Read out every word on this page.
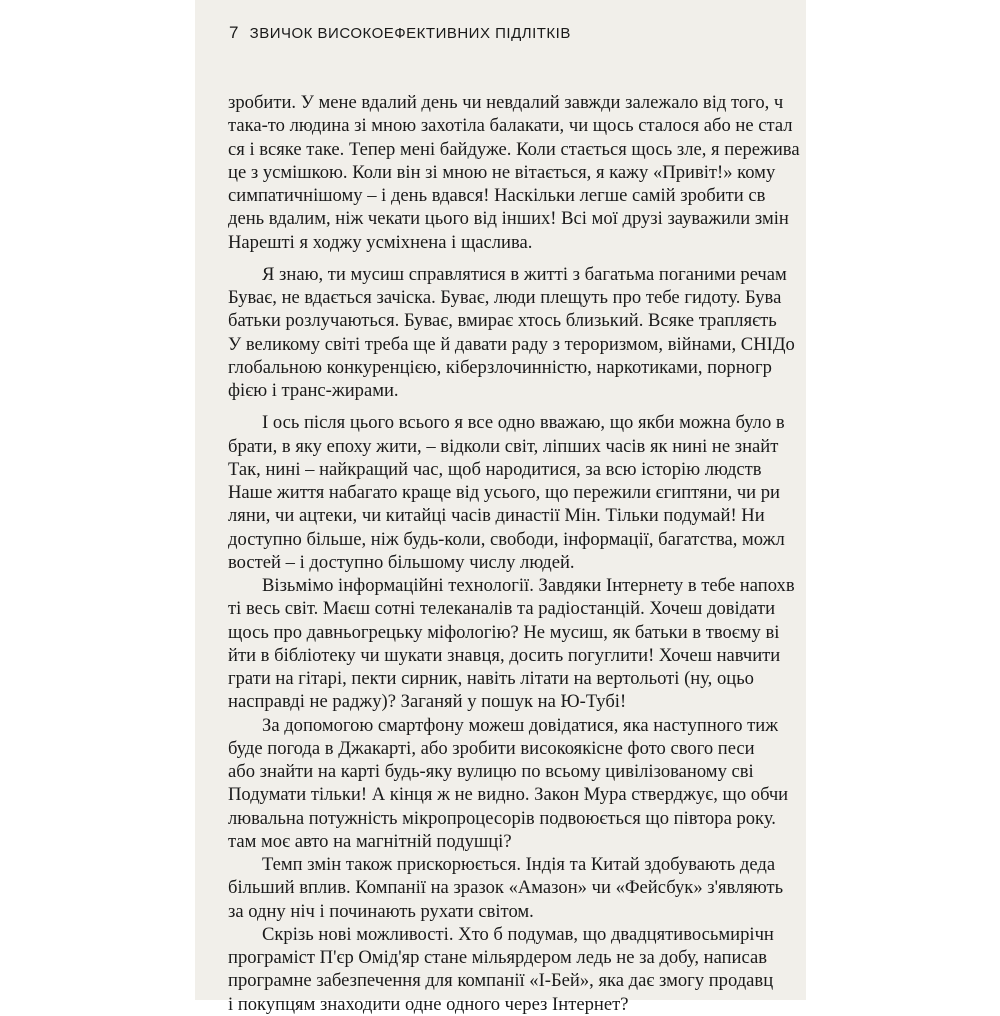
7 ЗВИЧОК ВИСОКОЕФЕКТИВНИХ ПІДЛІТКІВ
зробити. У мене вдалий день чи невдалий завжди залежало від того, ч
така-то людина зі мною захотіла балакати, чи щось сталося або не стал
ся і всяке таке. Тепер мені байдуже. Коли стається щось зле, я пережива
це з усмішкою. Коли він зі мною не вітається, я кажу «Привіт!» кому
симпатичнішому – і день вдався! Наскільки легше самій зробити св
день вдалим, ніж чекати цього від інших! Всі мої друзі зауважили змін
Нарешті я ходжу усміхнена і щаслива.
Я знаю, ти мусиш справлятися в житті з багатьма поганими речам
Буває, не вдається зачіска. Буває, люди плещуть про тебе гидоту. Бува
батьки розлучаються. Буває, вмирає хтось близький. Всяке трапляєть
У великому світі треба ще й давати раду з тероризмом, війнами, СНІДо
глобальною конкуренцією, кіберзлочинністю, наркотиками, порногр
фією і транс-жирами.
І ось після цього всього я все одно вважаю, що якби можна було в
брати, в яку епоху жити, – відколи світ, ліпших часів як нині не знайт
Так, нині – найкращий час, щоб народитися, за всю історію людств
Наше життя набагато краще від усього, що пережили єгиптяни, чи ри
ляни, чи ацтеки, чи китайці часів династії Мін. Тільки подумай! Ни
доступно більше, ніж будь-коли, свободи, інформації, багатства, можл
востей – і доступно більшому числу людей.
Візьмімо інформаційні технології. Завдяки Інтернету в тебе напохв
ті весь світ. Маєш сотні телеканалів та радіостанцій. Хочеш довідати
щось про давньогрецьку міфологію? Не мусиш, як батьки в твоєму ві
йти в бібліотеку чи шукати знавця, досить погуглити! Хочеш навчити
грати на гітарі, пекти сирник, навіть літати на вертольоті (ну, оцьо
насправді не раджу)? Заганяй у пошук на Ю-Тубі!
За допомогою смартфону можеш довідатися, яка наступного тиж
буде погода в Джакарті, або зробити високоякісне фото свого песи
або знайти на карті будь-яку вулицю по всьому цивілізованому сві
Подумати тільки! А кінця ж не видно. Закон Мура стверджує, що обчи
лювальна потужність мікропроцесорів подвоюється що півтора року.
там моє авто на магнітній подушці?
Темп змін також прискорюється. Індія та Китай здобувають деда
більший вплив. Компанії на зразок «Амазон» чи «Фейсбук» з'являють
за одну ніч і починають рухати світом.
Скрізь нові можливості. Хто б подумав, що двадцятивосьмирічн
програміст П'єр Омід'яр стане мільярдером ледь не за добу, написав
програмне забезпечення для компанії «І-Бей», яка дає змогу продавц
і покупцям знаходити одне одного через Інтернет?
